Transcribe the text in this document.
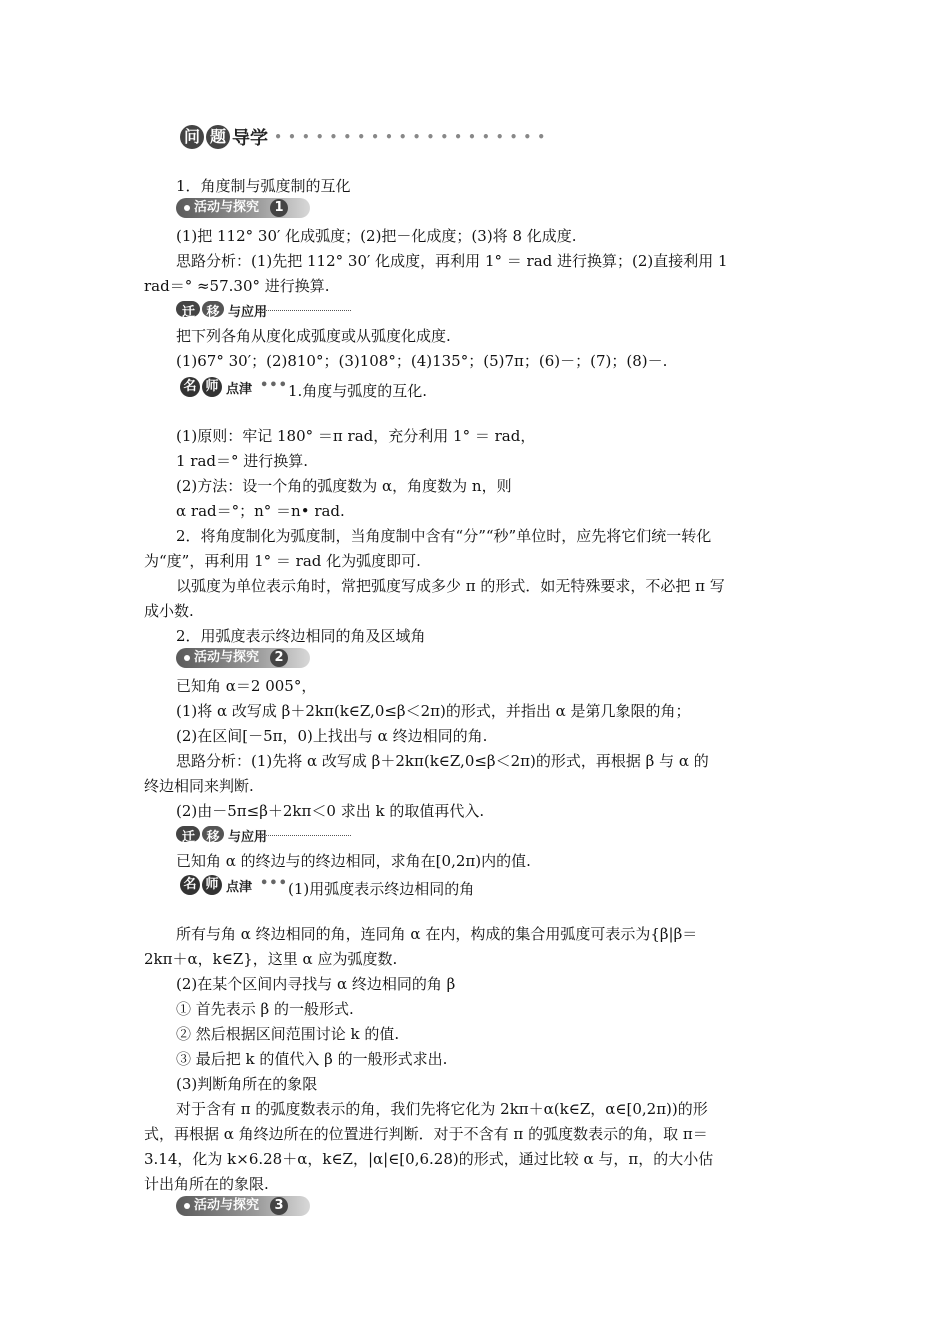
问 题 导学 • • • • • • • • • • • • • • • • • • • •
1．角度制与弧度制的互化
活动与探究	1
(1)把 112° 30′ 化成弧度；(2)把－化成度；(3)将 8 化成度.
思路分析：(1)先把 112° 30′ 化成度，再利用 1° ＝ rad 进行换算；(2)直接利用 1
rad＝° ≈57.30° 进行换算.
迁 移 与应用
把下列各角从度化成弧度或从弧度化成度.
(1)67° 30′；(2)810°；(3)108°；(4)135°；(5)7π；(6)－；(7)；(8)－.
名 师 点津 ••• 1.角度与弧度的互化.
(1)原则：牢记 180° ＝π rad，充分利用 1° ＝ rad，
1 rad＝° 进行换算.
(2)方法：设一个角的弧度数为 α，角度数为 n，则
α rad＝°；n° ＝n• rad.
2．将角度制化为弧度制，当角度制中含有“分”“秒”单位时，应先将它们统一转化
为“度”，再利用 1° ＝ rad 化为弧度即可.
以弧度为单位表示角时，常把弧度写成多少 π 的形式．如无特殊要求，不必把 π 写
成小数.
2．用弧度表示终边相同的角及区域角
活动与探究	2
已知角 α＝2 005°，
(1)将 α 改写成 β＋2kπ(k∈Z,0≤β＜2π)的形式，并指出 α 是第几象限的角；
(2)在区间[－5π，0)上找出与 α 终边相同的角.
思路分析：(1)先将 α 改写成 β＋2kπ(k∈Z,0≤β＜2π)的形式，再根据 β 与 α 的
终边相同来判断.
(2)由－5π≤β＋2kπ＜0 求出 k 的取值再代入.
迁 移 与应用
已知角 α 的终边与的终边相同，求角在[0,2π)内的值.
名 师 点津 ••• (1)用弧度表示终边相同的角
所有与角 α 终边相同的角，连同角 α 在内，构成的集合用弧度可表示为{β|β＝
2kπ＋α，k∈Z}，这里 α 应为弧度数.
(2)在某个区间内寻找与 α 终边相同的角 β
① 首先表示 β 的一般形式.
② 然后根据区间范围讨论 k 的值.
③ 最后把 k 的值代入 β 的一般形式求出.
(3)判断角所在的象限
对于含有 π 的弧度数表示的角，我们先将它化为 2kπ＋α(k∈Z，α∈[0,2π))的形
式，再根据 α 角终边所在的位置进行判断．对于不含有 π 的弧度数表示的角，取 π＝
3.14，化为 k×6.28＋α，k∈Z，|α|∈[0,6.28)的形式，通过比较 α 与，π，的大小估
计出角所在的象限.
活动与探究	3
